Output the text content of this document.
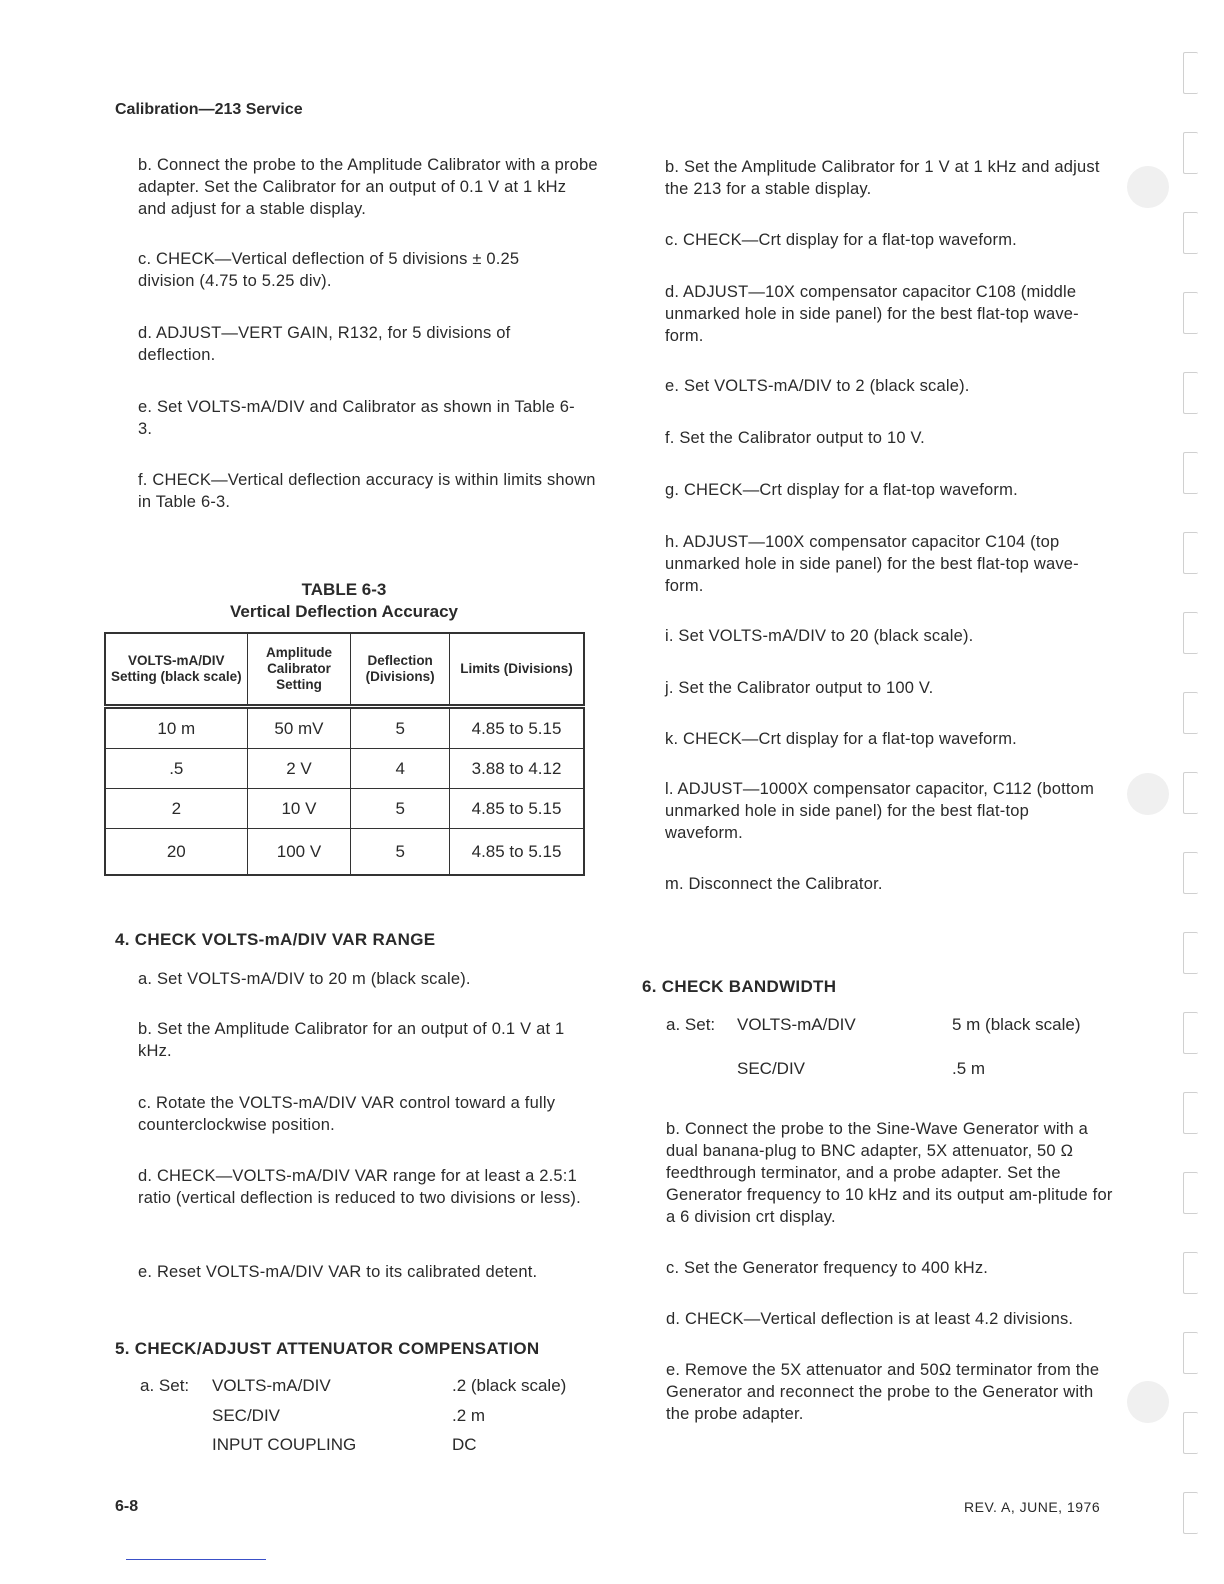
Calibration—213 Service
b. Connect the probe to the Amplitude Calibrator with a probe adapter. Set the Calibrator for an output of 0.1 V at 1 kHz and adjust for a stable display.
c. CHECK—Vertical deflection of 5 divisions ± 0.25 division (4.75 to 5.25 div).
d. ADJUST—VERT GAIN, R132, for 5 divisions of deflection.
e. Set VOLTS-mA/DIV and Calibrator as shown in Table 6-3.
f. CHECK—Vertical deflection accuracy is within limits shown in Table 6-3.
TABLE 6-3
Vertical Deflection Accuracy
VOLTS-mA/DIV Setting (black scale)	Amplitude Calibrator Setting	Deflection (Divisions)	Limits (Divisions)
10 m	50 mV	5	4.85 to 5.15
.5	2 V	4	3.88 to 4.12
2	10 V	5	4.85 to 5.15
20	100 V	5	4.85 to 5.15
4. CHECK VOLTS-mA/DIV VAR RANGE
a. Set VOLTS-mA/DIV to 20 m (black scale).
b. Set the Amplitude Calibrator for an output of 0.1 V at 1 kHz.
c. Rotate the VOLTS-mA/DIV VAR control toward a fully counterclockwise position.
d. CHECK—VOLTS-mA/DIV VAR range for at least a 2.5:1 ratio (vertical deflection is reduced to two divisions or less).
e. Reset VOLTS-mA/DIV VAR to its calibrated detent.
5. CHECK/ADJUST ATTENUATOR COMPENSATION
a. Set: VOLTS-mA/DIV	.2 (black scale)
SEC/DIV	.2 m
INPUT COUPLING	DC
b. Set the Amplitude Calibrator for 1 V at 1 kHz and adjust the 213 for a stable display.
c. CHECK—Crt display for a flat-top waveform.
d. ADJUST—10X compensator capacitor C108 (middle unmarked hole in side panel) for the best flat-top wave-form.
e. Set VOLTS-mA/DIV to 2 (black scale).
f. Set the Calibrator output to 10 V.
g. CHECK—Crt display for a flat-top waveform.
h. ADJUST—100X compensator capacitor C104 (top unmarked hole in side panel) for the best flat-top wave-form.
i. Set VOLTS-mA/DIV to 20 (black scale).
j. Set the Calibrator output to 100 V.
k. CHECK—Crt display for a flat-top waveform.
l. ADJUST—1000X compensator capacitor, C112 (bottom unmarked hole in side panel) for the best flat-top waveform.
m. Disconnect the Calibrator.
6. CHECK BANDWIDTH
a. Set: VOLTS-mA/DIV	5 m (black scale)
SEC/DIV	.5 m
b. Connect the probe to the Sine-Wave Generator with a dual banana-plug to BNC adapter, 5X attenuator, 50 Ω feedthrough terminator, and a probe adapter. Set the Generator frequency to 10 kHz and its output am-plitude for a 6 division crt display.
c. Set the Generator frequency to 400 kHz.
d. CHECK—Vertical deflection is at least 4.2 divisions.
e. Remove the 5X attenuator and 50Ω terminator from the Generator and reconnect the probe to the Generator with the probe adapter.
6-8	REV. A, JUNE, 1976
